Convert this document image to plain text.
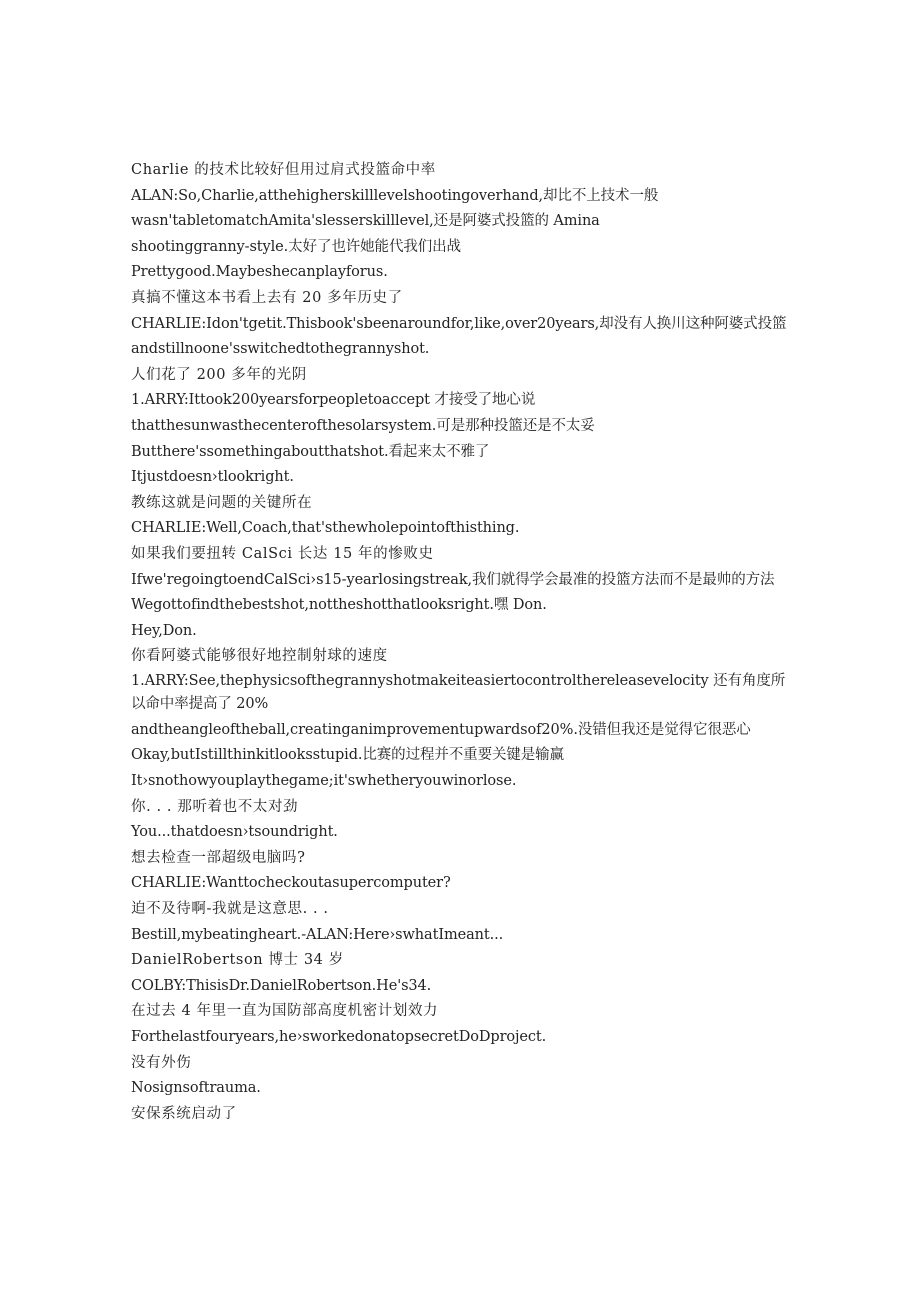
Charlie 的技术比较好但用过肩式投篮命中率
ALAN:So,Charlie,atthehigherskilllevelshootingoverhand,却比不上技术一般
wasn'tabletomatchAmita'slesserskilllevel,还是阿婆式投篮的 Amina
shootinggranny-style.太好了也许她能代我们出战
Prettygood.Maybeshecanplayforus.
真搞不懂这本书看上去有 20 多年历史了
CHARLIE:Idon'tgetit.Thisbook'sbeenaroundfor,like,over20years,却没有人换川这种阿婆式投篮
andstillnoone'sswitchedtothegrannyshot.
人们花了 200 多年的光阴
1.ARRY:Ittook200yearsforpeopletoaccept 才接受了地心说
thatthesunwasthecenterofthesolarsystem.可是那种投篮还是不太妥
Butthere'ssomethingaboutthatshot.看起来太不雅了
Itjustdoesn›tlookright.
教练这就是问题的关键所在
CHARLIE:Well,Coach,that'sthewholepointofthisthing.
如果我们要扭转 CalSci 长达 15 年的惨败史
Ifwe'regoingtoendCalSci›s15-yearlosingstreak,我们就得学会最准的投篮方法而不是最帅的方法
Wegottofindthebestshot,nottheshotthatlooksright.嘿 Don.
Hey,Don.
你看阿婆式能够很好地控制射球的速度
1.ARRY:See,thephysicsofthegrannyshotmakeiteasiertocontrolthereleasevelocity 还有角度所以命中率提高了 20%
andtheangleoftheball,creatinganimprovementupwardsof20%.没错但我还是觉得它很恶心
Okay,butIstillthinkitlooksstupid.比赛的过程并不重要关键是输赢
It›snothowyouplaythegame;it'swhetheryouwinorlose.
你. . . 那听着也不太对劲
You...thatdoesn›tsoundright.
想去检查一部超级电脑吗?
CHARLIE:Wanttocheckoutasupercomputer?
迫不及待啊-我就是这意思. . .
Bestill,mybeatingheart.-ALAN:Here›swhatImeant...
DanielRobertson 博士 34 岁
COLBY:ThisisDr.DanielRobertson.He's34.
在过去 4 年里一直为国防部高度机密计划效力
Forthelastfouryears,he›sworkedonatopsecretDoDproject.
没有外伤
Nosignsoftrauma.
安保系统启动了
